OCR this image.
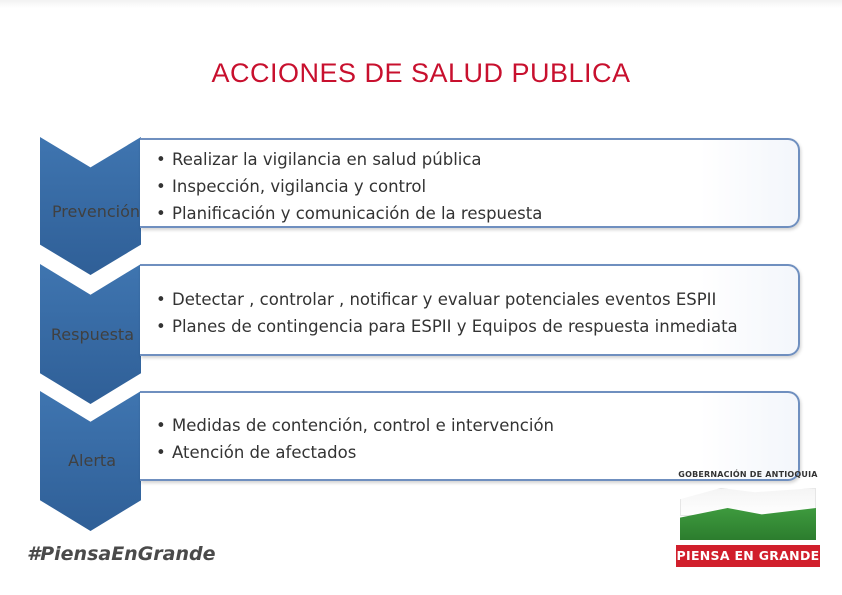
ACCIONES DE SALUD PUBLICA
• Realizar la vigilancia en salud pública
• Inspección, vigilancia y control
• Planificación y comunicación de la respuesta
Prevención
• Detectar , controlar , notificar y evaluar potenciales eventos ESPII
• Planes de contingencia para ESPII y Equipos de respuesta inmediata
Respuesta
• Medidas de contención, control e intervención
• Atención de afectados
Alerta
#PiensaEnGrande
GOBERNACIÓN DE ANTIOQUIA
PIENSA EN GRANDE
